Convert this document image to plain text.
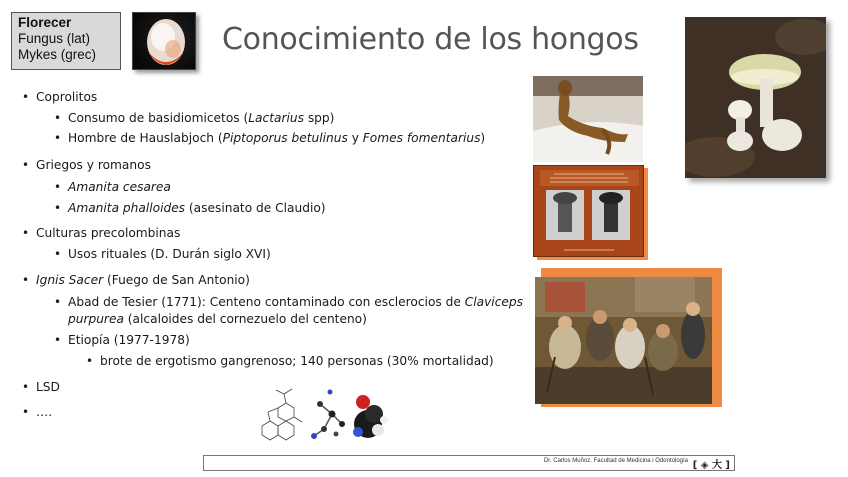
Florecer
Fungus (lat)
Mykes (grec)	Conocimiento de los hongos
• Coprolitos
• Consumo de basidiomicetos (Lactarius spp)
• Hombre de Hauslabjoch (Piptoporus betulinus y Fomes fomentarius)
• Griegos y romanos
• Amanita cesarea
• Amanita phalloides (asesinato de Claudio)
• Culturas precolombinas
• Usos rituales (D. Durán siglo XVI)
• Ignis Sacer (Fuego de San Antonio)
• Abad de Tesier (1771): Centeno contaminado con esclerocios de Claviceps
purpurea (alcaloides del cornezuelo del centeno)
• Etiopía (1977-1978)
• brote de ergotismo gangrenoso; 140 personas (30% mortalidad)
• LSD
• ….
Dr. Carlos Muñoz. Facultad de Medicina i Odontología [ ◈ 大 ]
